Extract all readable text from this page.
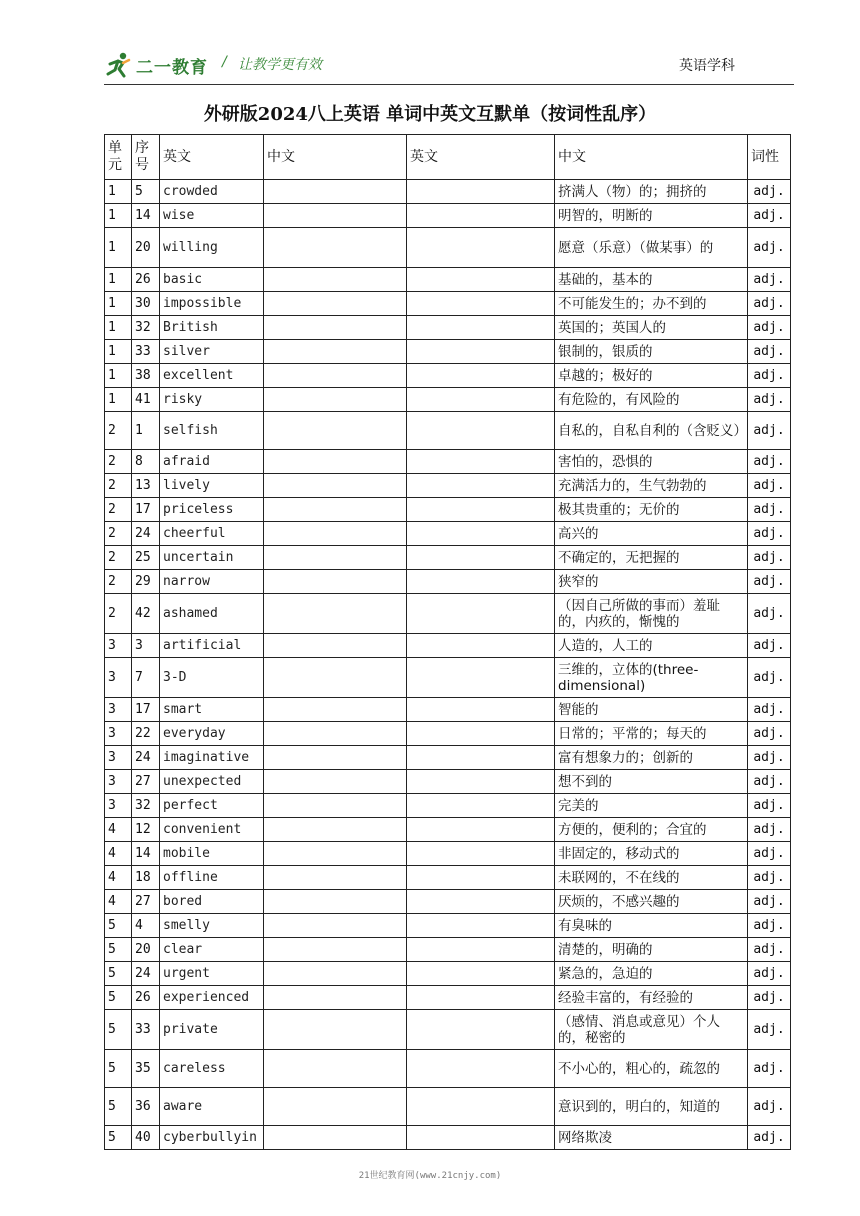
二一教育 / 让教学更有效	英语学科
外研版2024八上英语 单词中英文互默单（按词性乱序）
单元	序号	英文	中文	英文	中文	词性
1	5	crowded			挤满人（物）的；拥挤的	adj.
1	14	wise			明智的，明断的	adj.
1	20	willing			愿意（乐意）（做某事）的	adj.
1	26	basic			基础的，基本的	adj.
1	30	impossible			不可能发生的；办不到的	adj.
1	32	British			英国的；英国人的	adj.
1	33	silver			银制的，银质的	adj.
1	38	excellent			卓越的；极好的	adj.
1	41	risky			有危险的，有风险的	adj.
2	1	selfish			自私的，自私自利的（含贬义）	adj.
2	8	afraid			害怕的，恐惧的	adj.
2	13	lively			充满活力的，生气勃勃的	adj.
2	17	priceless			极其贵重的；无价的	adj.
2	24	cheerful			高兴的	adj.
2	25	uncertain			不确定的，无把握的	adj.
2	29	narrow			狭窄的	adj.
2	42	ashamed			（因自己所做的事而）羞耻的，内疚的，惭愧的	adj.
3	3	artificial			人造的，人工的	adj.
3	7	3-D			三维的，立体的(three-dimensional)	adj.
3	17	smart			智能的	adj.
3	22	everyday			日常的；平常的；每天的	adj.
3	24	imaginative			富有想象力的；创新的	adj.
3	27	unexpected			想不到的	adj.
3	32	perfect			完美的	adj.
4	12	convenient			方便的，便利的；合宜的	adj.
4	14	mobile			非固定的，移动式的	adj.
4	18	offline			未联网的，不在线的	adj.
4	27	bored			厌烦的，不感兴趣的	adj.
5	4	smelly			有臭味的	adj.
5	20	clear			清楚的，明确的	adj.
5	24	urgent			紧急的，急迫的	adj.
5	26	experienced			经验丰富的，有经验的	adj.
5	33	private			（感情、消息或意见）个人的，秘密的	adj.
5	35	careless			不小心的，粗心的，疏忽的	adj.
5	36	aware			意识到的，明白的，知道的	adj.
5	40	cyberbullyin			网络欺凌	adj.
21世纪教育网(www.21cnjy.com)
